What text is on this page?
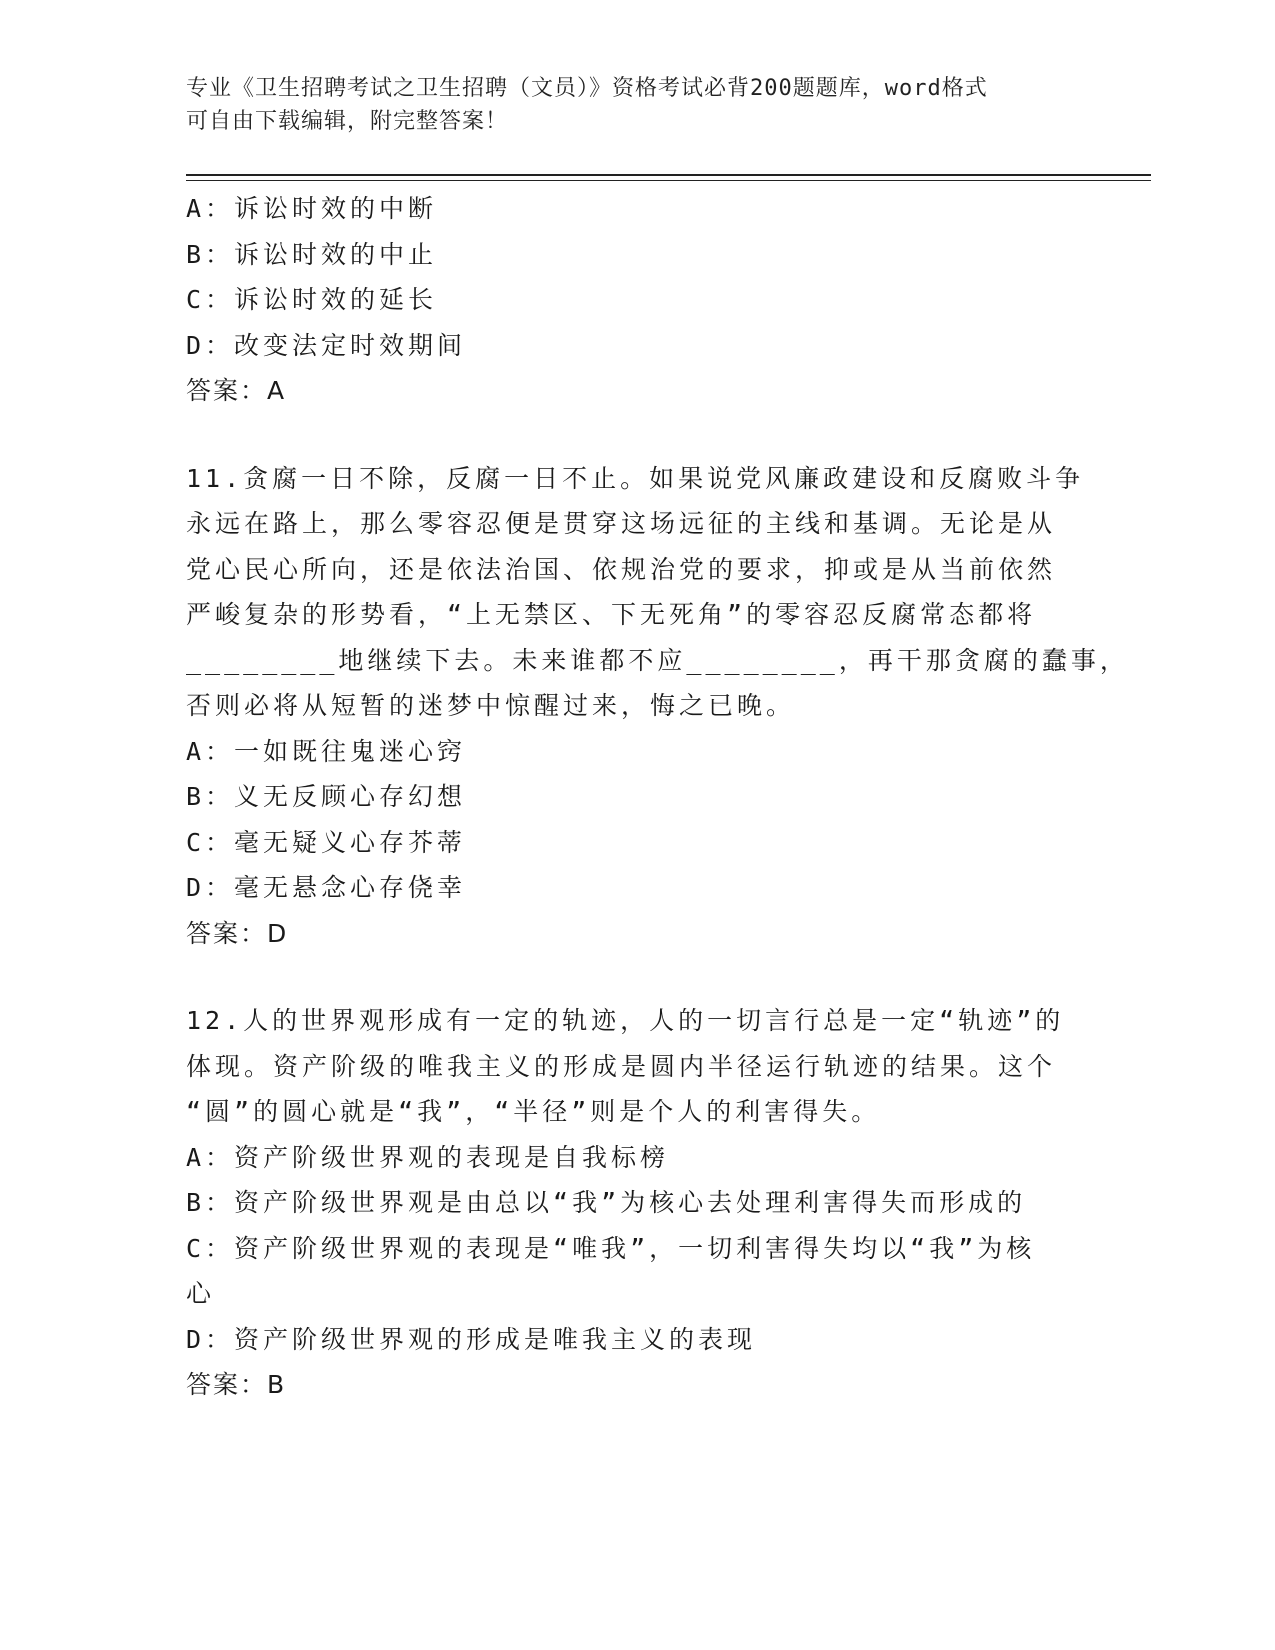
专业《卫生招聘考试之卫生招聘（文员）》资格考试必背200题题库，word格式
可自由下载编辑，附完整答案！
A：诉讼时效的中断
B：诉讼时效的中止
C：诉讼时效的延长
D：改变法定时效期间
答案：A
11.贪腐一日不除，反腐一日不止。如果说党风廉政建设和反腐败斗争
永远在路上，那么零容忍便是贯穿这场远征的主线和基调。无论是从
党心民心所向，还是依法治国、依规治党的要求，抑或是从当前依然
严峻复杂的形势看，“上无禁区、下无死角”的零容忍反腐常态都将
________地继续下去。未来谁都不应________，再干那贪腐的蠢事，
否则必将从短暂的迷梦中惊醒过来，悔之已晚。
A：一如既往鬼迷心窍
B：义无反顾心存幻想
C：毫无疑义心存芥蒂
D：毫无悬念心存侥幸
答案：D
12.人的世界观形成有一定的轨迹，人的一切言行总是一定“轨迹”的
体现。资产阶级的唯我主义的形成是圆内半径运行轨迹的结果。这个
“圆”的圆心就是“我”，“半径”则是个人的利害得失。
A：资产阶级世界观的表现是自我标榜
B：资产阶级世界观是由总以“我”为核心去处理利害得失而形成的
C：资产阶级世界观的表现是“唯我”，一切利害得失均以“我”为核
心
D：资产阶级世界观的形成是唯我主义的表现
答案：B
